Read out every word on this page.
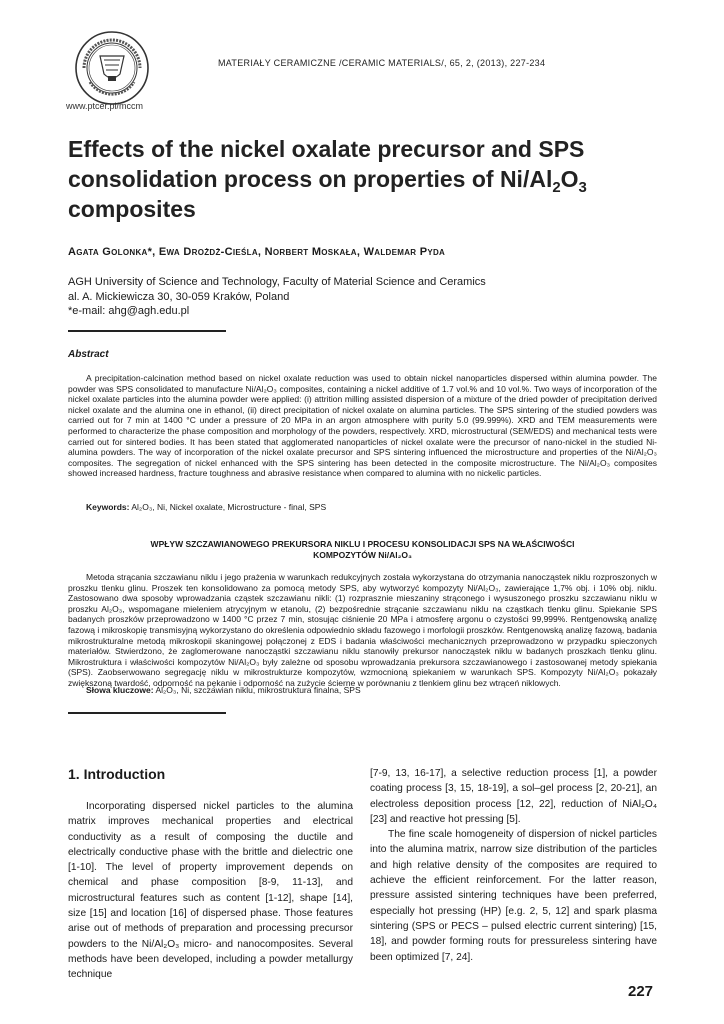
www.ptcer.pl/mccm
MATERIAŁY CERAMICZNE /CERAMIC MATERIALS/, 65, 2, (2013), 227-234
Effects of the nickel oxalate precursor and SPS
consolidation process on properties of $Ni/Al_2O_3$
composites
Agata Golonka*, Ewa Drożdż-Cieśla, Norbert Moskała, Waldemar Pyda
AGH University of Science and Technology, Faculty of Material Science and Ceramics
al. A. Mickiewicza 30, 30-059 Kraków, Poland
*e-mail: ahg@agh.edu.pl
Abstract

A precipitation-calcination method based on nickel oxalate reduction was used to obtain nickel nanoparticles dispersed within alumina powder. The powder was SPS consolidated to manufacture Ni/Al₂O₃ composites, containing a nickel additive of 1.7 vol.% and 10 vol.%. Two ways of incorporation of the nickel oxalate particles into the alumina powder were applied: (i) attrition milling assisted dispersion of a mixture of the dried powder of precipitation derived nickel oxalate and the alumina one in ethanol, (ii) direct precipitation of nickel oxalate on alumina particles. The SPS sintering of the studied powders was carried out for 7 min at 1400 °C under a pressure of 20 MPa in an argon atmosphere with purity 5.0 (99.999%). XRD and TEM measurements were performed to characterize the phase composition and morphology of the powders, respectively. XRD, microstructural (SEM/EDS) and mechanical tests were carried out for sintered bodies. It has been stated that agglomerated nanoparticles of nickel oxalate were the precursor of nano-nickel in the studied Ni-alumina powders. The way of incorporation of the nickel oxalate precursor and SPS sintering influenced the microstructure and properties of the Ni/Al₂O₃ composites. The segregation of nickel enhanced with the SPS sintering has been detected in the composite microstructure. The Ni/Al₂O₃ composites showed increased hardness, fracture toughness and abrasive resistance when compared to alumina with no nickelic particles.

Keywords: Al₂O₃, Ni, Nickel oxalate, Microstructure - final, SPS
WPŁYW SZCZAWIANOWEGO PREKURSORA NIKLU I PROCESU KONSOLIDACJI SPS NA WŁAŚCIWOŚCI
KOMPOZYTÓW Ni/Al₂O₃

Metoda strącania szczawianu niklu i jego prażenia w warunkach redukcyjnych została wykorzystana do otrzymania nanocząstek niklu rozproszonych w proszku tlenku glinu. Proszek ten konsolidowano za pomocą metody SPS, aby wytworzyć kompozyty Ni/Al₂O₃, zawierające 1,7% obj. i 10% obj. niklu. Zastosowano dwa sposoby wprowadzania cząstek szczawianu nikli: (1) rozprasznie mieszaniny strąconego i wysuszonego proszku szczawianu niklu w proszku Al₂O₃, wspomagane mieleniem atrycyjnym w etanolu, (2) bezpośrednie strącanie szczawianu niklu na cząstkach tlenku glinu. Spiekanie SPS badanych proszków przeprowadzono w 1400 °C przez 7 min, stosując ciśnienie 20 MPa i atmosferę argonu o czystości 99,999%. Rentgenowską analizę fazową i mikroskopię transmisyjną wykorzystano do określenia odpowiednio składu fazowego i morfologii proszków. Rentgenowską analizę fazową, badania mikrostrukturalne metodą mikroskopii skaningowej połączonej z EDS i badania właściwości mechanicznych przeprowadzono w przypadku spieczonych materiałów. Stwierdzono, że zaglomerowane nanocząstki szczawianu niklu stanowiły prekursor nanocząstek niklu w badanych proszkach tlenku glinu. Mikrostruktura i właściwości kompozytów Ni/Al₂O₃ były zależne od sposobu wprowadzania prekursora szczawianowego i zastosowanej metody spiekania (SPS). Zaobserwowano segregację niklu w mikrostrukturze kompozytów, wzmocnioną spiekaniem w warunkach SPS. Kompozyty Ni/Al₂O₃ pokazały zwiększoną twardość, odporność na pękanie i odporność na zużycie ścierne w porównaniu z tlenkiem glinu bez wtrąceń niklowych.

Słowa kluczowe: Al₂O₃, Ni, szczawian niklu, mikrostruktura finalna, SPS
1. Introduction

Incorporating dispersed nickel particles to the alumina matrix improves mechanical properties and electrical conductivity as a result of composing the ductile and electrically conductive phase with the brittle and dielectric one [1-10]. The level of property improvement depends on chemical and phase composition [8-9, 11-13], and microstructural features such as content [1-12], shape [14], size [15] and location [16] of dispersed phase. Those features arise out of methods of preparation and processing precursor powders to the Ni/Al₂O₃ micro- and nanocomposites. Several methods have been developed, including a powder metallurgy technique

[7-9, 13, 16-17], a selective reduction process [1], a powder coating process [3, 15, 18-19], a sol–gel process [2, 20-21], an electroless deposition process [12, 22], reduction of NiAl₂O₄ [23] and reactive hot pressing [5].
The fine scale homogeneity of dispersion of nickel particles into the alumina matrix, narrow size distribution of the particles and high relative density of the composites are required to achieve the efficient reinforcement. For the latter reason, pressure assisted sintering techniques have been preferred, especially hot pressing (HP) [e.g. 2, 5, 12] and spark plasma sintering (SPS or PECS – pulsed electric current sintering) [15, 18], and powder forming routs for pressureless sintering have been optimized [7, 24].
227
